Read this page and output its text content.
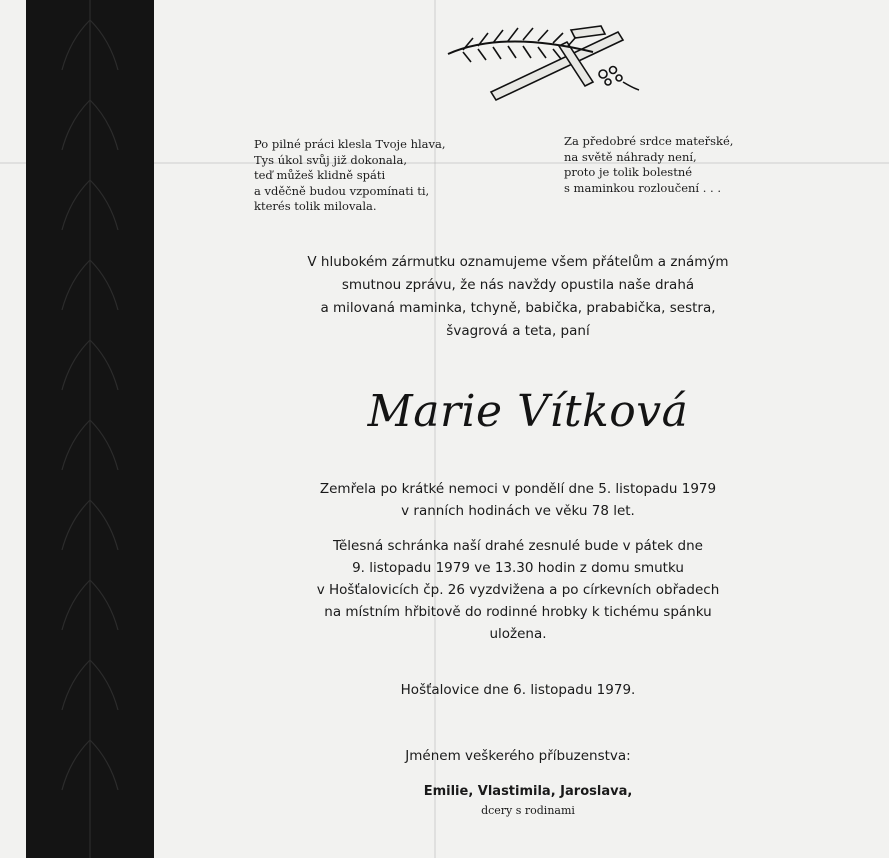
Po pilné práci klesla Tvoje hlava,
Tys úkol svůj již dokonala,
teď můžeš klidně spáti
a vděčně budou vzpomínati ti,
kterés tolik milovala.
Za předobré srdce mateřské,
na světě náhrady není,
proto je tolik bolestné
s maminkou rozloučení . . .
V hlubokém zármutku oznamujeme všem přátelům a známým
smutnou zprávu, že nás navždy opustila naše drahá
a milovaná maminka, tchyně, babička, prababička, sestra,
švagrová a teta, paní
Marie Vítková
Zemřela po krátké nemoci v pondělí dne 5. listopadu 1979
v ranních hodinách ve věku 78 let.
Tělesná schránka naší drahé zesnulé bude v pátek dne
9. listopadu 1979 ve 13.30 hodin z domu smutku
v Hošťalovicích čp. 26 vyzdvižena a po církevních obřadech
na místním hřbitově do rodinné hrobky k tichému spánku
uložena.
Hošťalovice dne 6. listopadu 1979.
Jménem veškerého příbuzenstva:
Emilie, Vlastimila, Jaroslava,
dcery s rodinami
